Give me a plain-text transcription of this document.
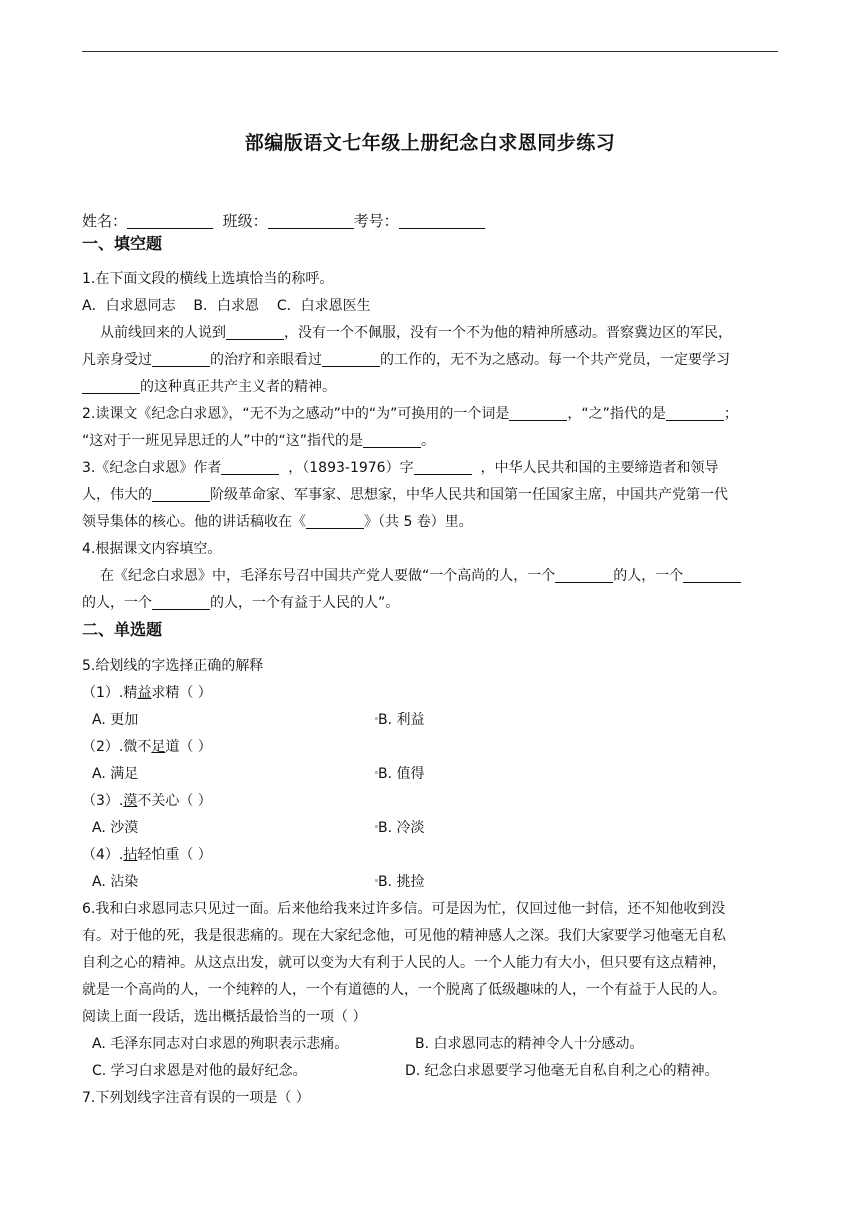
部编版语文七年级上册纪念白求恩同步练习
姓名：	班级：	考号：
一、填空题
1.在下面文段的横线上选填恰当的称呼。
A．白求恩同志 B．白求恩 C．白求恩医生
从前线回来的人说到	，没有一个不佩服，没有一个不为他的精神所感动。晋察冀边区的军民，
凡亲身受过	的治疗和亲眼看过	的工作的，无不为之感动。每一个共产党员，一定要学习
的这种真正共产主义者的精神。
2.读课文《纪念白求恩》，“无不为之感动”中的“为”可换用的一个词是	，“之”指代的是	；
“这对于一班见异思迁的人”中的“这”指代的是	。
3.《纪念白求恩》作者	，（1893-1976）字	，中华人民共和国的主要缔造者和领导
人，伟大的	阶级革命家、军事家、思想家，中华人民共和国第一任国家主席，中国共产党第一代
领导集体的核心。他的讲话稿收在《	》（共 5 卷）里。
4.根据课文内容填空。
在《纪念白求恩》中，毛泽东号召中国共产党人要做“一个高尚的人，一个	的人，一个
的人，一个	的人，一个有益于人民的人”。
二、单选题
5.给划线的字选择正确的解释
（1）.精益求精（ ）
A. 更加	B. 利益
（2）.微不足道（ ）
A. 满足	B. 值得
（3）.漠不关心（ ）
A. 沙漠	B. 冷淡
（4）.拈轻怕重（ ）
A. 沾染	B. 挑捡
6.我和白求恩同志只见过一面。后来他给我来过许多信。可是因为忙，仅回过他一封信，还不知他收到没
有。对于他的死，我是很悲痛的。现在大家纪念他，可见他的精神感人之深。我们大家要学习他毫无自私
自利之心的精神。从这点出发，就可以变为大有利于人民的人。一个人能力有大小，但只要有这点精神，
就是一个高尚的人，一个纯粹的人，一个有道德的人，一个脱离了低级趣味的人，一个有益于人民的人。
阅读上面一段话，选出概括最恰当的一项（ ）
A. 毛泽东同志对白求恩的殉职表示悲痛。	B. 白求恩同志的精神令人十分感动。
C. 学习白求恩是对他的最好纪念。	D. 纪念白求恩要学习他毫无自私自利之心的精神。
7.下列划线字注音有误的一项是（ ）
